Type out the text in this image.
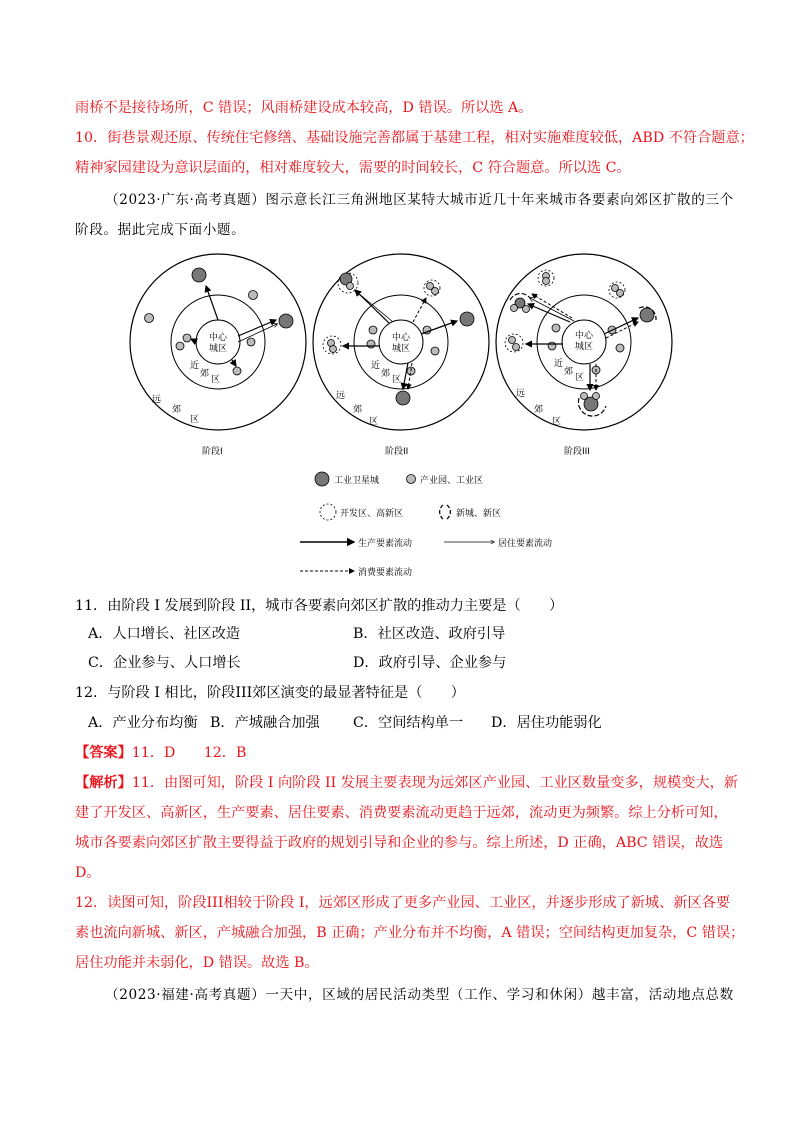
雨桥不是接待场所，C 错误；风雨桥建设成本较高，D 错误。所以选 A。
10．街巷景观还原、传统住宅修缮、基础设施完善都属于基建工程，相对实施难度较低，ABD 不符合题意；
精神家园建设为意识层面的，相对难度较大，需要的时间较长，C 符合题意。所以选 C。
（2023·广东·高考真题）图示意长江三角洲地区某特大城市近几十年来城市各要素向郊区扩散的三个
阶段。据此完成下面小题。
中心
城区
近
郊
区
远
郊
区
阶段I
中心
城区
近
郊
区
远
郊
区
阶段II
中心
城区
近
郊
区
远
郊
区
阶段III
工业卫星城	产业园、工业区
开发区、高新区	新城、新区
生产要素流动	居住要素流动
消费要素流动
11．由阶段 I 发展到阶段 II，城市各要素向郊区扩散的推动力主要是（　　）
A．人口增长、社区改造	B．社区改造、政府引导
C．企业参与、人口增长	D．政府引导、企业参与
12．与阶段 I 相比，阶段III郊区演变的最显著特征是（　　）
A．产业分布均衡 B．产城融合加强 C．空间结构单一 D．居住功能弱化
【答案】11．D　　12．B
【解析】11．由图可知，阶段 I 向阶段 II 发展主要表现为远郊区产业园、工业区数量变多，规模变大，新
建了开发区、高新区，生产要素、居住要素、消费要素流动更趋于远郊，流动更为频繁。综上分析可知，
城市各要素向郊区扩散主要得益于政府的规划引导和企业的参与。综上所述，D 正确，ABC 错误，故选
D。
12．读图可知，阶段III相较于阶段 I，远郊区形成了更多产业园、工业区，并逐步形成了新城、新区各要
素也流向新城、新区，产城融合加强，B 正确；产业分布并不均衡，A 错误；空间结构更加复杂，C 错误；
居住功能并未弱化，D 错误。故选 B。
（2023·福建·高考真题）一天中，区域的居民活动类型（工作、学习和休闲）越丰富，活动地点总数
